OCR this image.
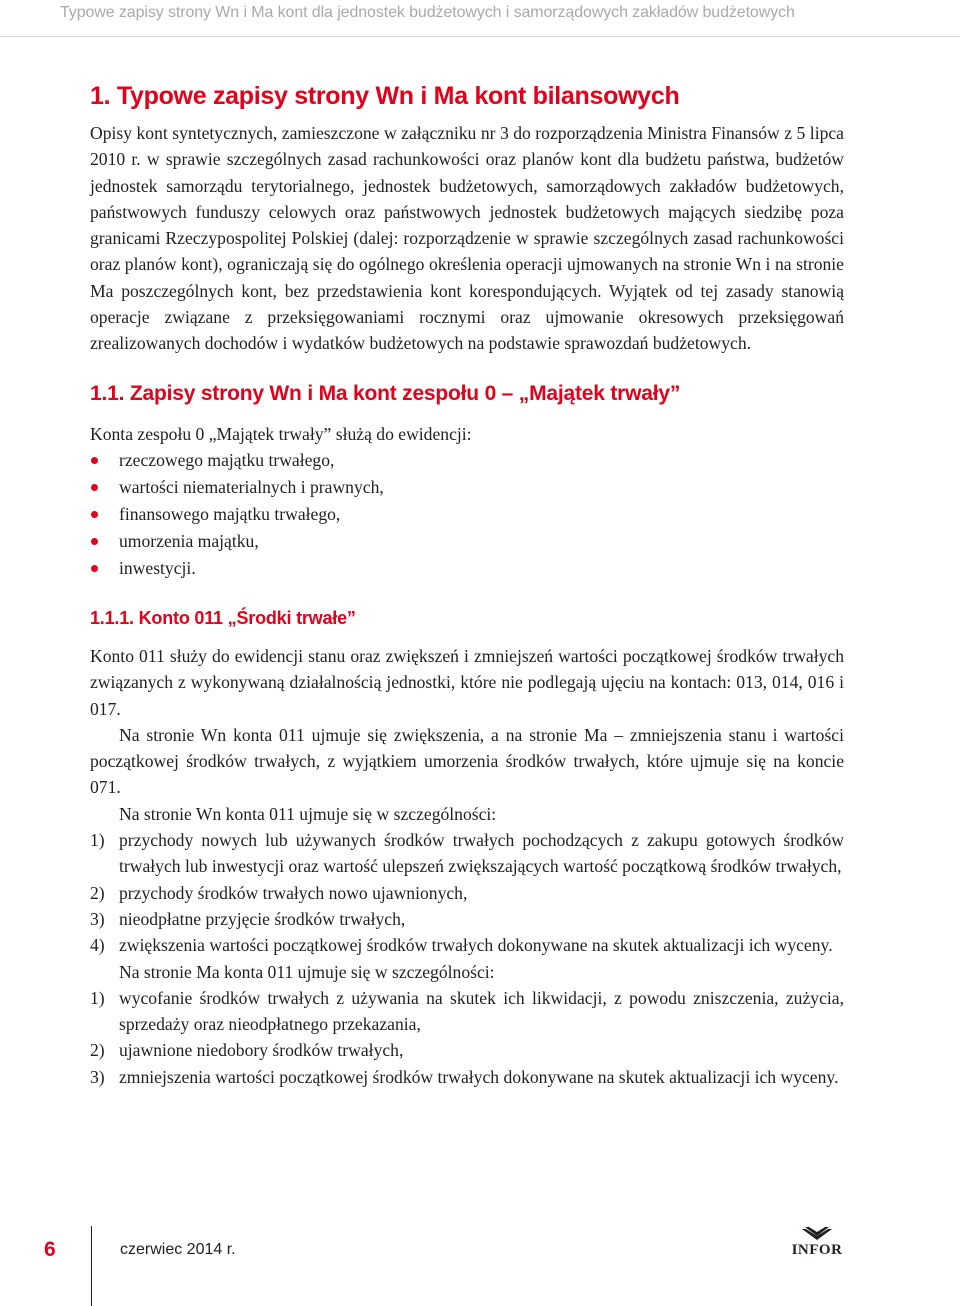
Typowe zapisy strony Wn i Ma kont dla jednostek budżetowych i samorządowych zakładów budżetowych
1. Typowe zapisy strony Wn i Ma kont bilansowych

Opisy kont syntetycznych, zamieszczone w załączniku nr 3 do rozporządzenia Ministra Finansów z 5 lipca 2010 r. w sprawie szczególnych zasad rachunkowości oraz planów kont dla budżetu państwa, budżetów jednostek samorządu terytorialnego, jednostek budżetowych, samorządowych zakładów budżetowych, państwowych funduszy celowych oraz państwowych jednostek budżetowych mających siedzibę poza granicami Rzeczypospolitej Polskiej (dalej: rozporządzenie w sprawie szczególnych zasad rachunkowości oraz planów kont), ograniczają się do ogólnego określenia operacji ujmowanych na stronie Wn i na stronie Ma poszczególnych kont, bez przedstawienia kont korespondujących. Wyjątek od tej zasady stanowią operacje związane z przeksięgowaniami rocznymi oraz ujmowanie okresowych przeksięgowań zrealizowanych dochodów i wydatków budżetowych na podstawie sprawozdań budżetowych.

1.1. Zapisy strony Wn i Ma kont zespołu 0 – „Majątek trwały”

Konta zespołu 0 „Majątek trwały” służą do ewidencji:

rzeczowego majątku trwałego,
wartości niematerialnych i prawnych,
finansowego majątku trwałego,
umorzenia majątku,
inwestycji.
1.1.1. Konto 011 „Środki trwałe”

Konto 011 służy do ewidencji stanu oraz zwiększeń i zmniejszeń wartości początkowej środków trwałych związanych z wykonywaną działalnością jednostki, które nie podlegają ujęciu na kontach: 013, 014, 016 i 017.

Na stronie Wn konta 011 ujmuje się zwiększenia, a na stronie Ma – zmniejszenia stanu i wartości początkowej środków trwałych, z wyjątkiem umorzenia środków trwałych, które ujmuje się na koncie 071.

Na stronie Wn konta 011 ujmuje się w szczególności:

1) przychody nowych lub używanych środków trwałych pochodzących z zakupu gotowych środków trwałych lub inwestycji oraz wartość ulepszeń zwiększających wartość początkową środków trwałych,
2) przychody środków trwałych nowo ujawnionych,
3) nieodpłatne przyjęcie środków trwałych,
4) zwiększenia wartości początkowej środków trwałych dokonywane na skutek aktualizacji ich wyceny.

Na stronie Ma konta 011 ujmuje się w szczególności:

1) wycofanie środków trwałych z używania na skutek ich likwidacji, z powodu zniszczenia, zużycia, sprzedaży oraz nieodpłatnego przekazania,
2) ujawnione niedobory środków trwałych,
3) zmniejszenia wartości początkowej środków trwałych dokonywane na skutek aktualizacji ich wyceny.
6	czerwiec 2014 r.	INFOR
